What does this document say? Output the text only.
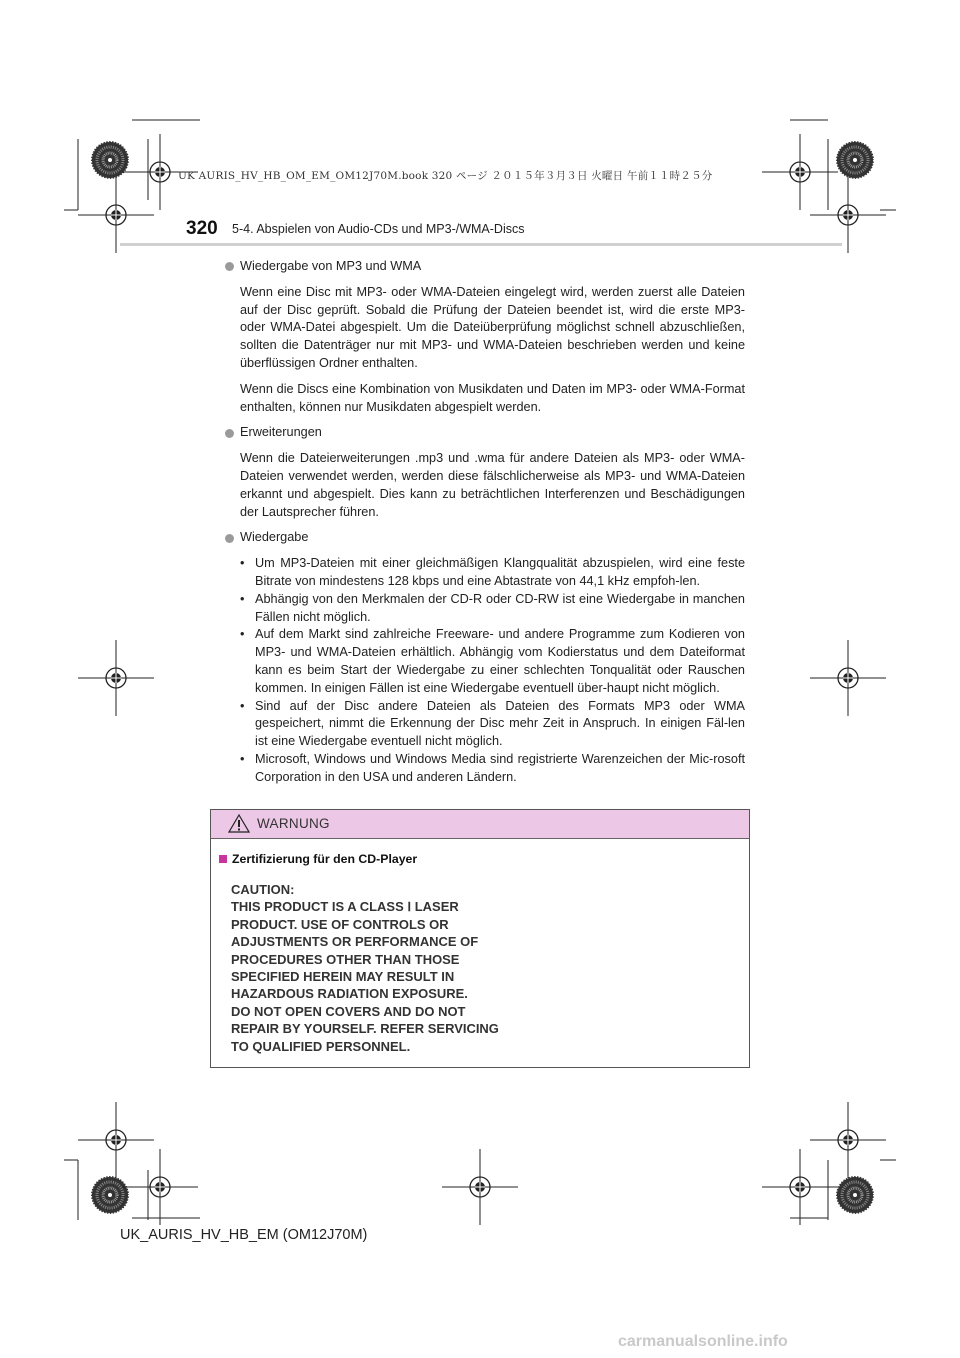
UK AURIS_HV_HB_OM_EM_OM12J70M.book 320 ページ ２０１５年３月３日 火曜日 午前１１時２５分
320 5-4. Abspielen von Audio-CDs und MP3-/WMA-Discs
Wiedergabe von MP3 und WMA

Wenn eine Disc mit MP3- oder WMA-Dateien eingelegt wird, werden zuerst alle Dateien auf der Disc geprüft. Sobald die Prüfung der Dateien beendet ist, wird die erste MP3- oder WMA-Datei abgespielt. Um die Dateiüberprüfung möglichst schnell abzuschließen, sollten die Datenträger nur mit MP3- und WMA-Dateien beschrieben werden und keine überflüssigen Ordner enthalten.

Wenn die Discs eine Kombination von Musikdaten und Daten im MP3- oder WMA-Format enthalten, können nur Musikdaten abgespielt werden.

Erweiterungen

Wenn die Dateierweiterungen .mp3 und .wma für andere Dateien als MP3- oder WMA-Dateien verwendet werden, werden diese fälschlicherweise als MP3- und WMA-Dateien erkannt und abgespielt. Dies kann zu beträchtlichen Interferenzen und Beschädigungen der Lautsprecher führen.

Wiedergabe
• Um MP3-Dateien mit einer gleichmäßigen Klangqualität abzuspielen, wird eine feste Bitrate von mindestens 128 kbps und eine Abtastrate von 44,1 kHz empfoh-len.
• Abhängig von den Merkmalen der CD-R oder CD-RW ist eine Wiedergabe in manchen Fällen nicht möglich.
• Auf dem Markt sind zahlreiche Freeware- und andere Programme zum Kodieren von MP3- und WMA-Dateien erhältlich. Abhängig vom Kodierstatus und dem Dateiformat kann es beim Start der Wiedergabe zu einer schlechten Tonqualität oder Rauschen kommen. In einigen Fällen ist eine Wiedergabe eventuell über-haupt nicht möglich.
• Sind auf der Disc andere Dateien als Dateien des Formats MP3 oder WMA gespeichert, nimmt die Erkennung der Disc mehr Zeit in Anspruch. In einigen Fäl-len ist eine Wiedergabe eventuell nicht möglich.
• Microsoft, Windows und Windows Media sind registrierte Warenzeichen der Mic-rosoft Corporation in den USA und anderen Ländern.
WARNUNG
Zertifizierung für den CD-Player
CAUTION:
THIS PRODUCT IS A CLASS Ⅰ LASER
PRODUCT. USE OF CONTROLS OR
ADJUSTMENTS OR PERFORMANCE OF
PROCEDURES OTHER THAN THOSE
SPECIFIED HEREIN MAY RESULT IN
HAZARDOUS RADIATION EXPOSURE.
DO NOT OPEN COVERS AND DO NOT
REPAIR BY YOURSELF. REFER SERVICING
TO QUALIFIED PERSONNEL.
UK_AURIS_HV_HB_EM (OM12J70M)
carmanualsonline.info
